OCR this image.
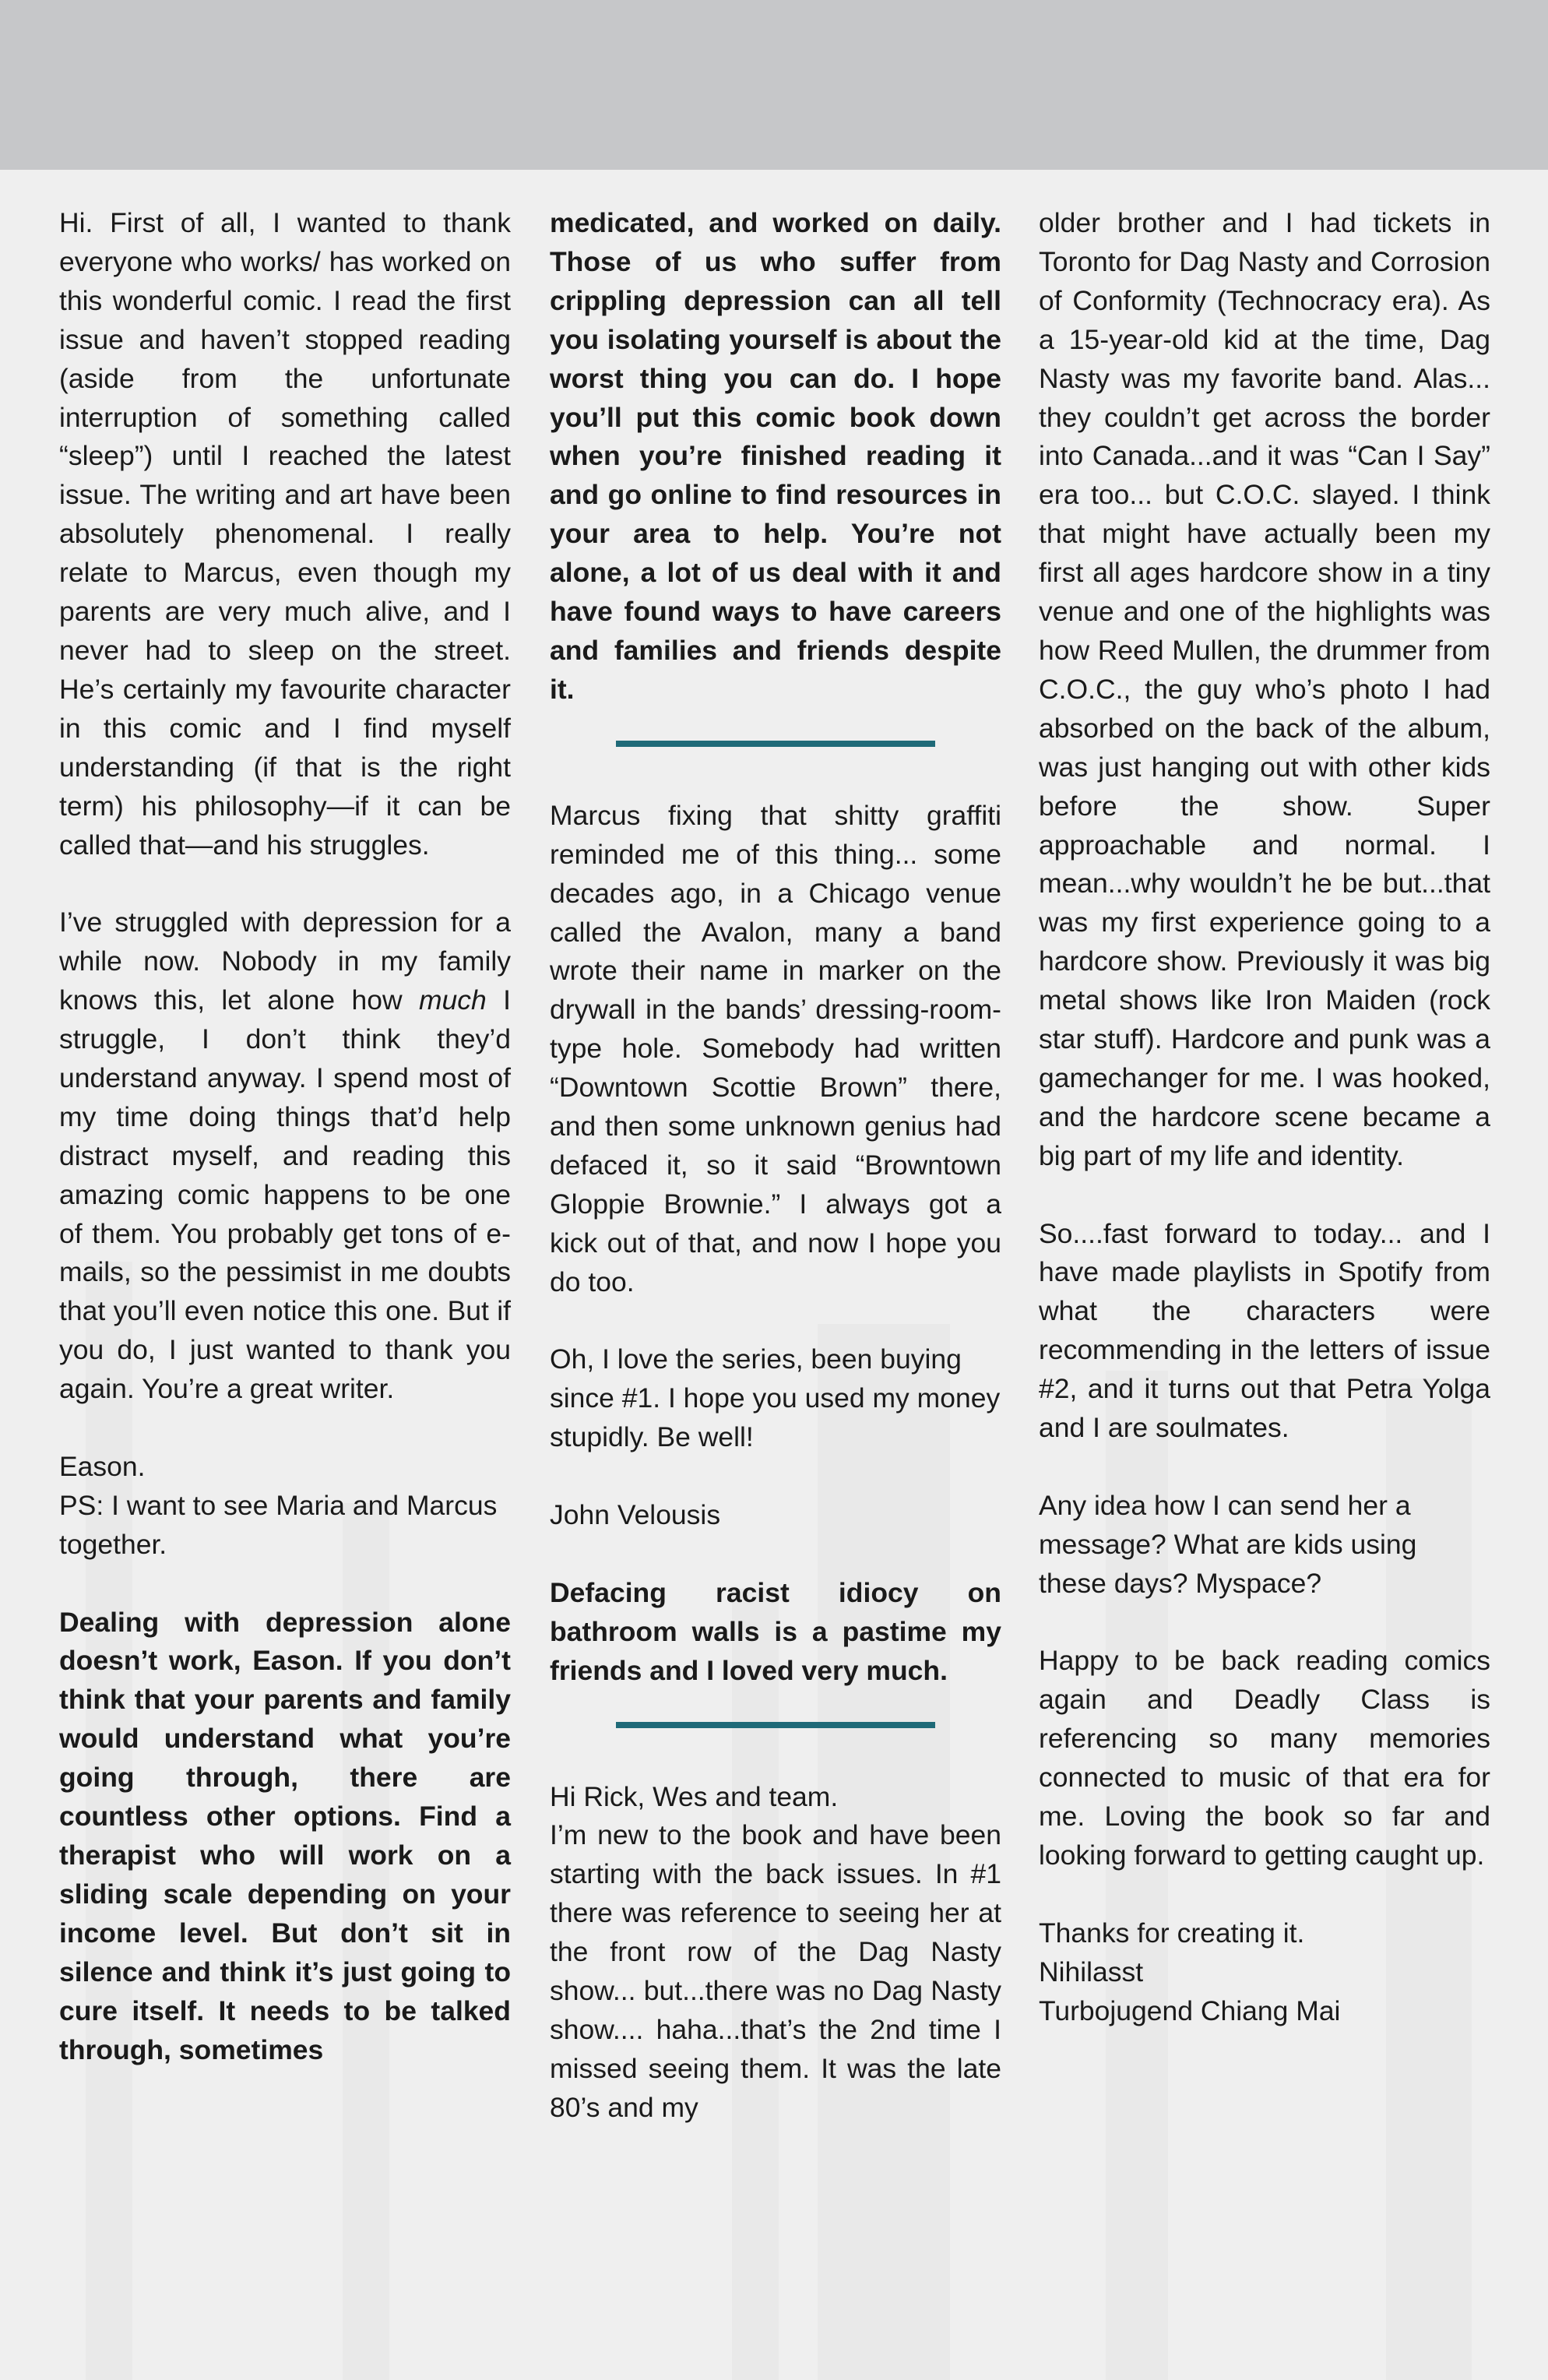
Hi. First of all, I wanted to thank everyone who works/ has worked on this wonderful comic. I read the first issue and haven’t stopped reading (aside from the unfortunate interruption of something called “sleep”) until I reached the latest issue. The writing and art have been absolutely phenomenal. I really relate to Marcus, even though my parents are very much alive, and I never had to sleep on the street. He’s certainly my favourite character in this comic and I find myself understanding (if that is the right term) his philosophy—if it can be called that—and his struggles.

I’ve struggled with depression for a while now. Nobody in my family knows this, let alone how much I struggle, I don’t think they’d understand anyway. I spend most of my time doing things that’d help distract myself, and reading this amazing comic happens to be one of them. You probably get tons of e-mails, so the pessimist in me doubts that you’ll even notice this one. But if you do, I just wanted to thank you again. You’re a great writer.

Eason.

PS: I want to see Maria and Marcus together.

Dealing with depression alone doesn’t work, Eason. If you don’t think that your parents and family would understand what you’re going through, there are countless other options. Find a therapist who will work on a sliding scale depending on your income level. But don’t sit in silence and think it’s just going to cure itself. It needs to be talked through, sometimes

medicated, and worked on daily. Those of us who suffer from crippling depression can all tell you isolating yourself is about the worst thing you can do. I hope you’ll put this comic book down when you’re finished reading it and go online to find resources in your area to help. You’re not alone, a lot of us deal with it and have found ways to have careers and families and friends despite it.

Marcus fixing that shitty graffiti reminded me of this thing... some decades ago, in a Chicago venue called the Avalon, many a band wrote their name in marker on the drywall in the bands’ dressing-room-type hole. Somebody had written “Downtown Scottie Brown” there, and then some unknown genius had defaced it, so it said “Browntown Gloppie Brownie.” I always got a kick out of that, and now I hope you do too.

Oh, I love the series, been buying since #1. I hope you used my money stupidly. Be well!

John Velousis

Defacing racist idiocy on bathroom walls is a pastime my friends and I loved very much.

Hi Rick, Wes and team.

I’m new to the book and have been starting with the back issues. In #1 there was reference to seeing her at the front row of the Dag Nasty show... but...there was no Dag Nasty show.... haha...that’s the 2nd time I missed seeing them. It was the late 80’s and my

older brother and I had tickets in Toronto for Dag Nasty and Corrosion of Conformity (Technocracy era). As a 15-year-old kid at the time, Dag Nasty was my favorite band. Alas... they couldn’t get across the border into Canada...and it was “Can I Say” era too... but C.O.C. slayed. I think that might have actually been my first all ages hardcore show in a tiny venue and one of the highlights was how Reed Mullen, the drummer from C.O.C., the guy who’s photo I had absorbed on the back of the album, was just hanging out with other kids before the show. Super approachable and normal. I mean...why wouldn’t he be but...that was my first experience going to a hardcore show. Previously it was big metal shows like Iron Maiden (rock star stuff). Hardcore and punk was a gamechanger for me. I was hooked, and the hardcore scene became a big part of my life and identity.

So....fast forward to today... and I have made playlists in Spotify from what the characters were recommending in the letters of issue #2, and it turns out that Petra Yolga and I are soulmates.

Any idea how I can send her a message? What are kids using these days? Myspace?

Happy to be back reading comics again and Deadly Class is referencing so many memories connected to music of that era for me. Loving the book so far and looking forward to getting caught up.

Thanks for creating it.

Nihilasst

Turbojugend Chiang Mai
